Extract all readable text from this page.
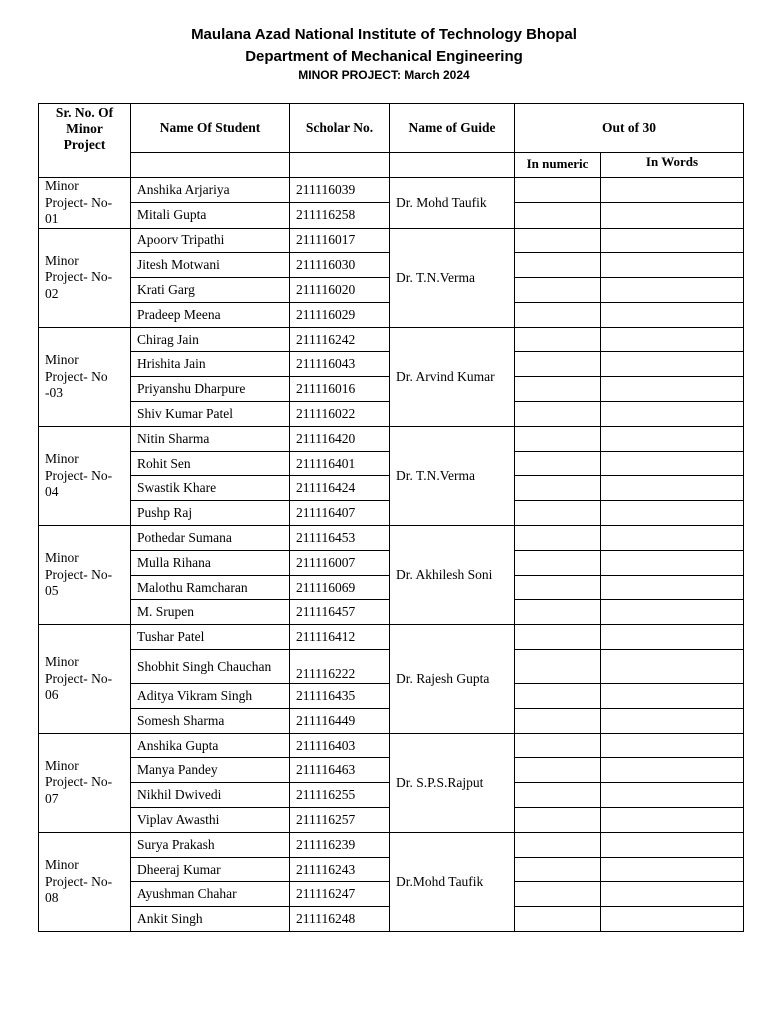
Maulana Azad National Institute of Technology Bhopal
Department of Mechanical Engineering
MINOR PROJECT: March 2024
Sr. No. Of Minor Project	Name Of Student	Scholar No.	Name of Guide	Out of 30	
				In numeric	In Words
Minor Project- No-01	Anshika Arjariya	211116039	Dr. Mohd Taufik		
	Mitali Gupta	211116258			
Minor Project- No-02	Apoorv Tripathi	211116017	Dr. T.N.Verma		
	Jitesh Motwani	211116030			
	Krati Garg	211116020			
	Pradeep Meena	211116029			
Minor Project- No -03	Chirag Jain	211116242	Dr. Arvind Kumar		
	Hrishita Jain	211116043			
	Priyanshu Dharpure	211116016			
	Shiv Kumar Patel	211116022			
Minor Project- No-04	Nitin Sharma	211116420	Dr. T.N.Verma		
	Rohit Sen	211116401			
	Swastik Khare	211116424			
	Pushp Raj	211116407			
Minor Project- No-05	Pothedar Sumana	211116453	Dr. Akhilesh Soni		
	Mulla Rihana	211116007			
	Malothu Ramcharan	211116069			
	M. Srupen	211116457			
Minor Project- No-06	Tushar Patel	211116412	Dr. Rajesh Gupta		
	Shobhit Singh Chauchan	211116222			
	Aditya Vikram Singh	211116435			
	Somesh Sharma	211116449			
Minor Project- No-07	Anshika Gupta	211116403	Dr. S.P.S.Rajput		
	Manya Pandey	211116463			
	Nikhil Dwivedi	211116255			
	Viplav Awasthi	211116257			
Minor Project- No-08	Surya Prakash	211116239	Dr.Mohd Taufik		
	Dheeraj Kumar	211116243			
	Ayushman Chahar	211116247			
	Ankit Singh	211116248			
